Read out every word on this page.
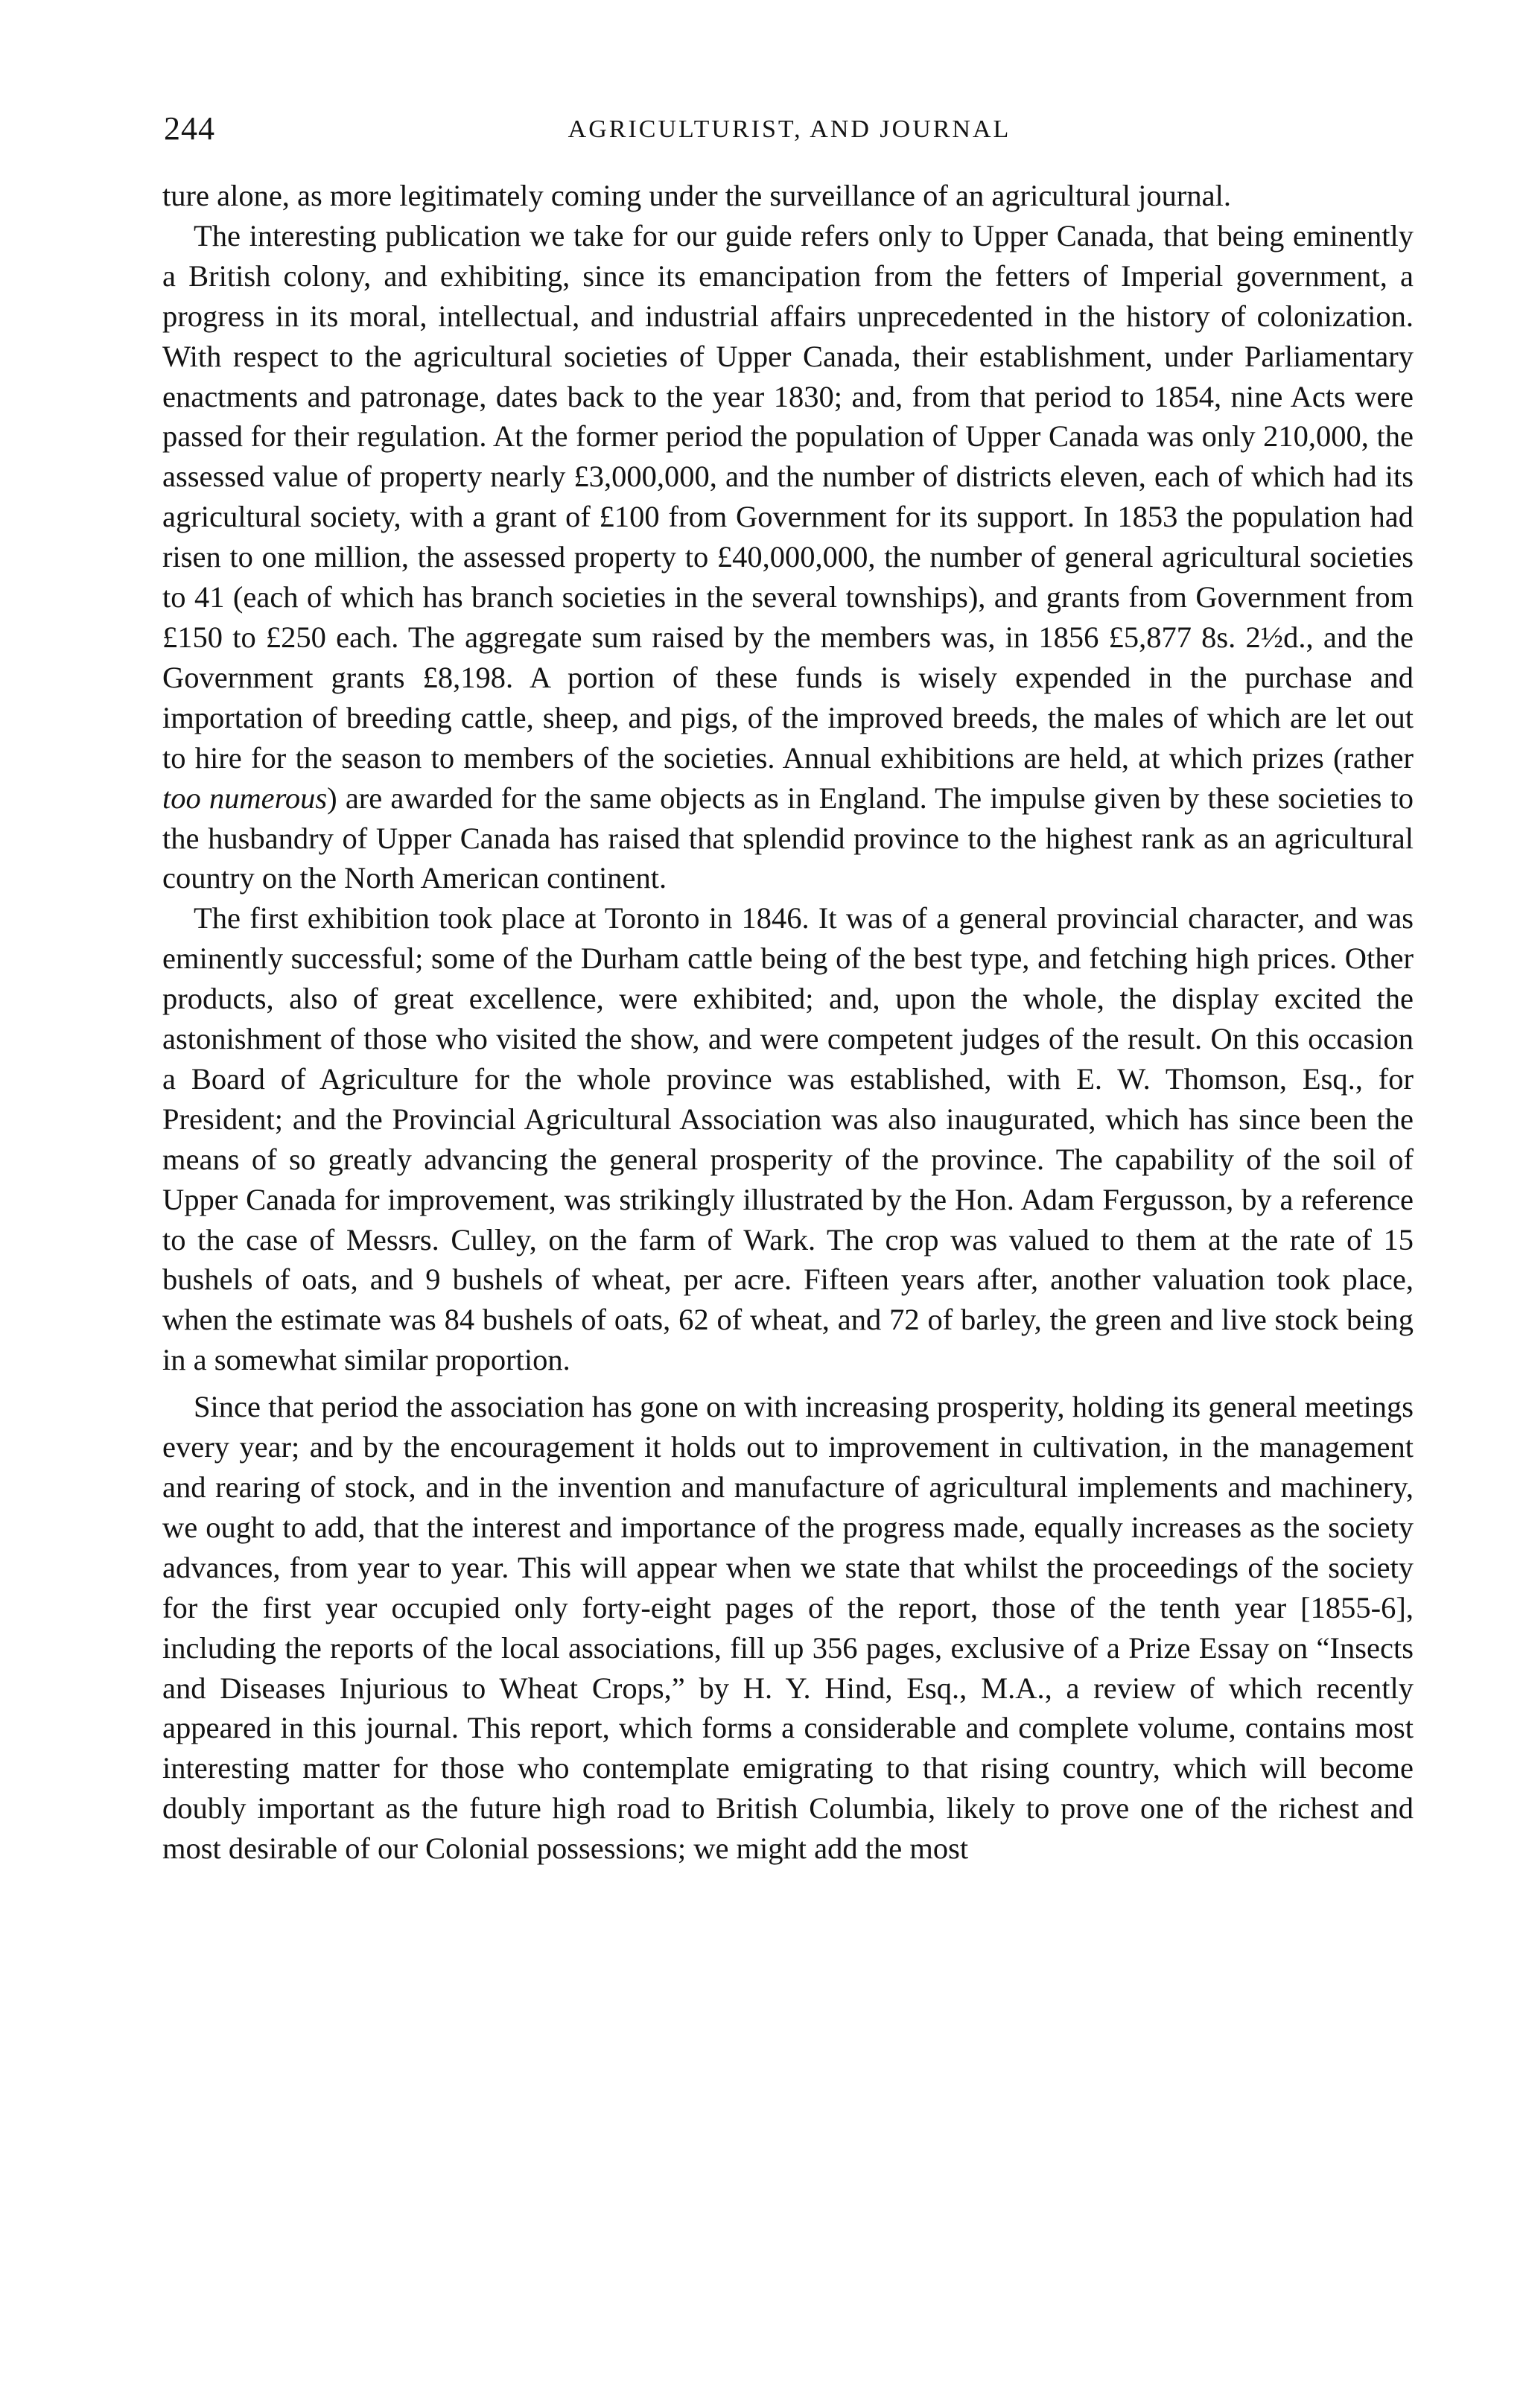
244	AGRICULTURIST, AND JOURNAL

ture alone, as more legitimately coming under the surveillance of an agricultural journal.

The interesting publication we take for our guide refers only to Upper Canada, that being eminently a British colony, and exhibiting, since its emancipation from the fetters of Imperial government, a progress in its moral, intellectual, and industrial affairs unprecedented in the history of colonization. With respect to the agricultural societies of Upper Canada, their establishment, under Parliamentary enactments and patronage, dates back to the year 1830; and, from that period to 1854, nine Acts were passed for their regulation. At the former period the population of Upper Canada was only 210,000, the assessed value of property nearly £3,000,000, and the number of districts eleven, each of which had its agricultural society, with a grant of £100 from Government for its support. In 1853 the population had risen to one million, the assessed property to £40,000,000, the number of general agricultural societies to 41 (each of which has branch societies in the several townships), and grants from Government from £150 to £250 each. The aggregate sum raised by the members was, in 1856 £5,877 8s. 2½d., and the Government grants £8,198. A portion of these funds is wisely expended in the purchase and importation of breeding cattle, sheep, and pigs, of the improved breeds, the males of which are let out to hire for the season to members of the societies. Annual exhibitions are held, at which prizes (rather too numerous) are awarded for the same objects as in England. The impulse given by these societies to the husbandry of Upper Canada has raised that splendid province to the highest rank as an agricultural country on the North American continent.

The first exhibition took place at Toronto in 1846. It was of a general provincial character, and was eminently successful; some of the Durham cattle being of the best type, and fetching high prices. Other products, also of great excellence, were exhibited; and, upon the whole, the display excited the astonishment of those who visited the show, and were competent judges of the result. On this occasion a Board of Agriculture for the whole province was established, with E. W. Thomson, Esq., for President; and the Provincial Agricultural Association was also inaugurated, which has since been the means of so greatly advancing the general prosperity of the province. The capability of the soil of Upper Canada for improvement, was strikingly illustrated by the Hon. Adam Fergusson, by a reference to the case of Messrs. Culley, on the farm of Wark. The crop was valued to them at the rate of 15 bushels of oats, and 9 bushels of wheat, per acre. Fifteen years after, another valuation took place, when the estimate was 84 bushels of oats, 62 of wheat, and 72 of barley, the green and live stock being in a somewhat similar proportion.

Since that period the association has gone on with increasing prosperity, holding its general meetings every year; and by the encouragement it holds out to improvement in cultivation, in the management and rearing of stock, and in the invention and manufacture of agricultural implements and machinery, we ought to add, that the interest and importance of the progress made, equally increases as the society advances, from year to year. This will appear when we state that whilst the proceedings of the society for the first year occupied only forty-eight pages of the report, those of the tenth year [1855-6], including the reports of the local associations, fill up 356 pages, exclusive of a Prize Essay on “Insects and Diseases Injurious to Wheat Crops,” by H. Y. Hind, Esq., M.A., a review of which recently appeared in this journal. This report, which forms a considerable and complete volume, contains most interesting matter for those who contemplate emigrating to that rising country, which will become doubly important as the future high road to British Columbia, likely to prove one of the richest and most desirable of our Colonial possessions; we might add the most
